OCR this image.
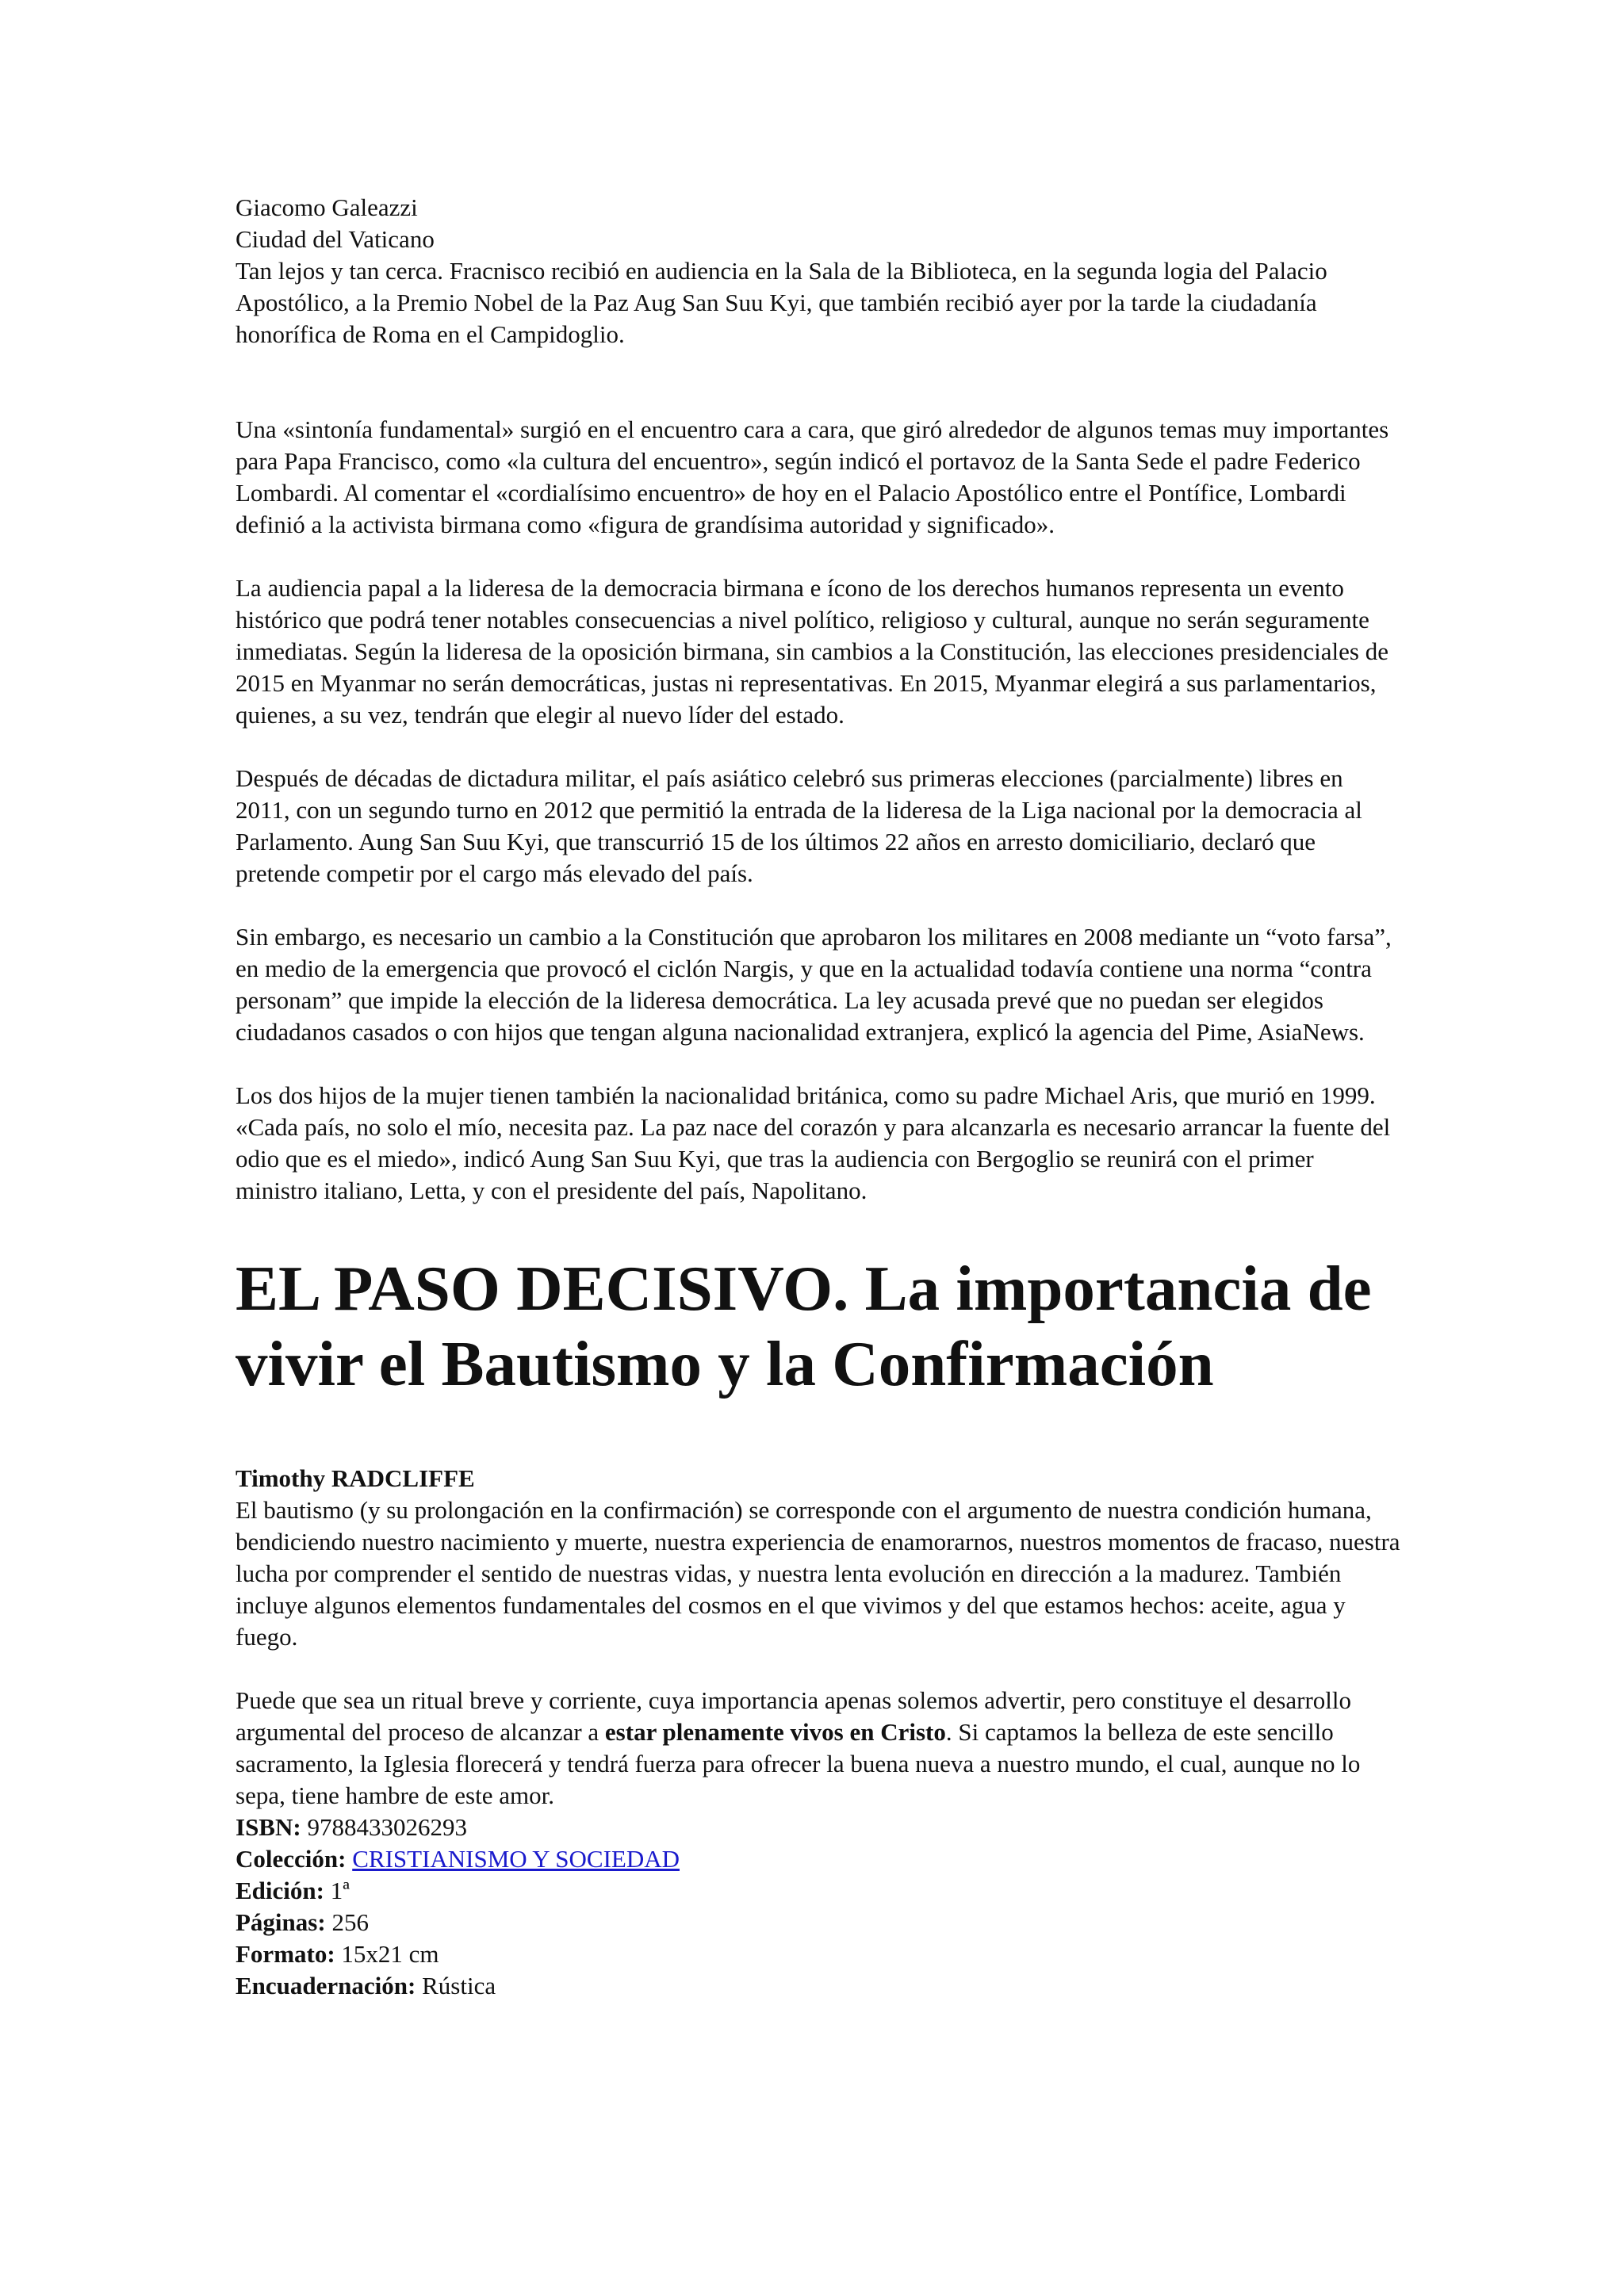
Giacomo Galeazzi
Ciudad del Vaticano

Tan lejos y tan cerca. Fracnisco recibió en audiencia en la Sala de la Biblioteca, en la segunda logia del Palacio Apostólico, a la Premio Nobel de la Paz Aug San Suu Kyi, que también recibió ayer por la tarde la ciudadanía honorífica de Roma en el Campidoglio.

Una «sintonía fundamental» surgió en el encuentro cara a cara, que giró alrededor de algunos temas muy importantes para Papa Francisco, como «la cultura del encuentro», según indicó el portavoz de la Santa Sede el padre Federico Lombardi. Al comentar el «cordialísimo encuentro» de hoy en el Palacio Apostólico entre el Pontífice, Lombardi definió a la activista birmana como «figura de grandísima autoridad y significado».

La audiencia papal a la lideresa de la democracia birmana e ícono de los derechos humanos representa un evento histórico que podrá tener notables consecuencias a nivel político, religioso y cultural, aunque no serán seguramente inmediatas. Según la lideresa de la oposición birmana, sin cambios a la Constitución, las elecciones presidenciales de 2015 en Myanmar no serán democráticas, justas ni representativas. En 2015, Myanmar elegirá a sus parlamentarios, quienes, a su vez, tendrán que elegir al nuevo líder del estado.

Después de décadas de dictadura militar, el país asiático celebró sus primeras elecciones (parcialmente) libres en 2011, con un segundo turno en 2012 que permitió la entrada de la lideresa de la Liga nacional por la democracia al Parlamento. Aung San Suu Kyi, que transcurrió 15 de los últimos 22 años en arresto domiciliario, declaró que pretende competir por el cargo más elevado del país.

Sin embargo, es necesario un cambio a la Constitución que aprobaron los militares en 2008 mediante un “voto farsa”, en medio de la emergencia que provocó el ciclón Nargis, y que en la actualidad todavía contiene una norma “contra personam” que impide la elección de la lideresa democrática. La ley acusada prevé que no puedan ser elegidos ciudadanos casados o con hijos que tengan alguna nacionalidad extranjera, explicó la agencia del Pime, AsiaNews.

Los dos hijos de la mujer tienen también la nacionalidad británica, como su padre Michael Aris, que murió en 1999. «Cada país, no solo el mío, necesita paz. La paz nace del corazón y para alcanzarla es necesario arrancar la fuente del odio que es el miedo», indicó Aung San Suu Kyi, que tras la audiencia con Bergoglio se reunirá con el primer ministro italiano, Letta, y con el presidente del país, Napolitano.

EL PASO DECISIVO. La importancia de vivir el Bautismo y la Confirmación
Timothy RADCLIFFE

El bautismo (y su prolongación en la confirmación) se corresponde con el argumento de nuestra condición humana, bendiciendo nuestro nacimiento y muerte, nuestra experiencia de enamorarnos, nuestros momentos de fracaso, nuestra lucha por comprender el sentido de nuestras vidas, y nuestra lenta evolución en dirección a la madurez. También incluye algunos elementos fundamentales del cosmos en el que vivimos y del que estamos hechos: aceite, agua y fuego.

Puede que sea un ritual breve y corriente, cuya importancia apenas solemos advertir, pero constituye el desarrollo argumental del proceso de alcanzar a estar plenamente vivos en Cristo. Si captamos la belleza de este sencillo sacramento, la Iglesia florecerá y tendrá fuerza para ofrecer la buena nueva a nuestro mundo, el cual, aunque no lo sepa, tiene hambre de este amor.

ISBN: 9788433026293
Colección: CRISTIANISMO Y SOCIEDAD
Edición: 1ª
Páginas: 256
Formato: 15x21 cm
Encuadernación: Rústica
